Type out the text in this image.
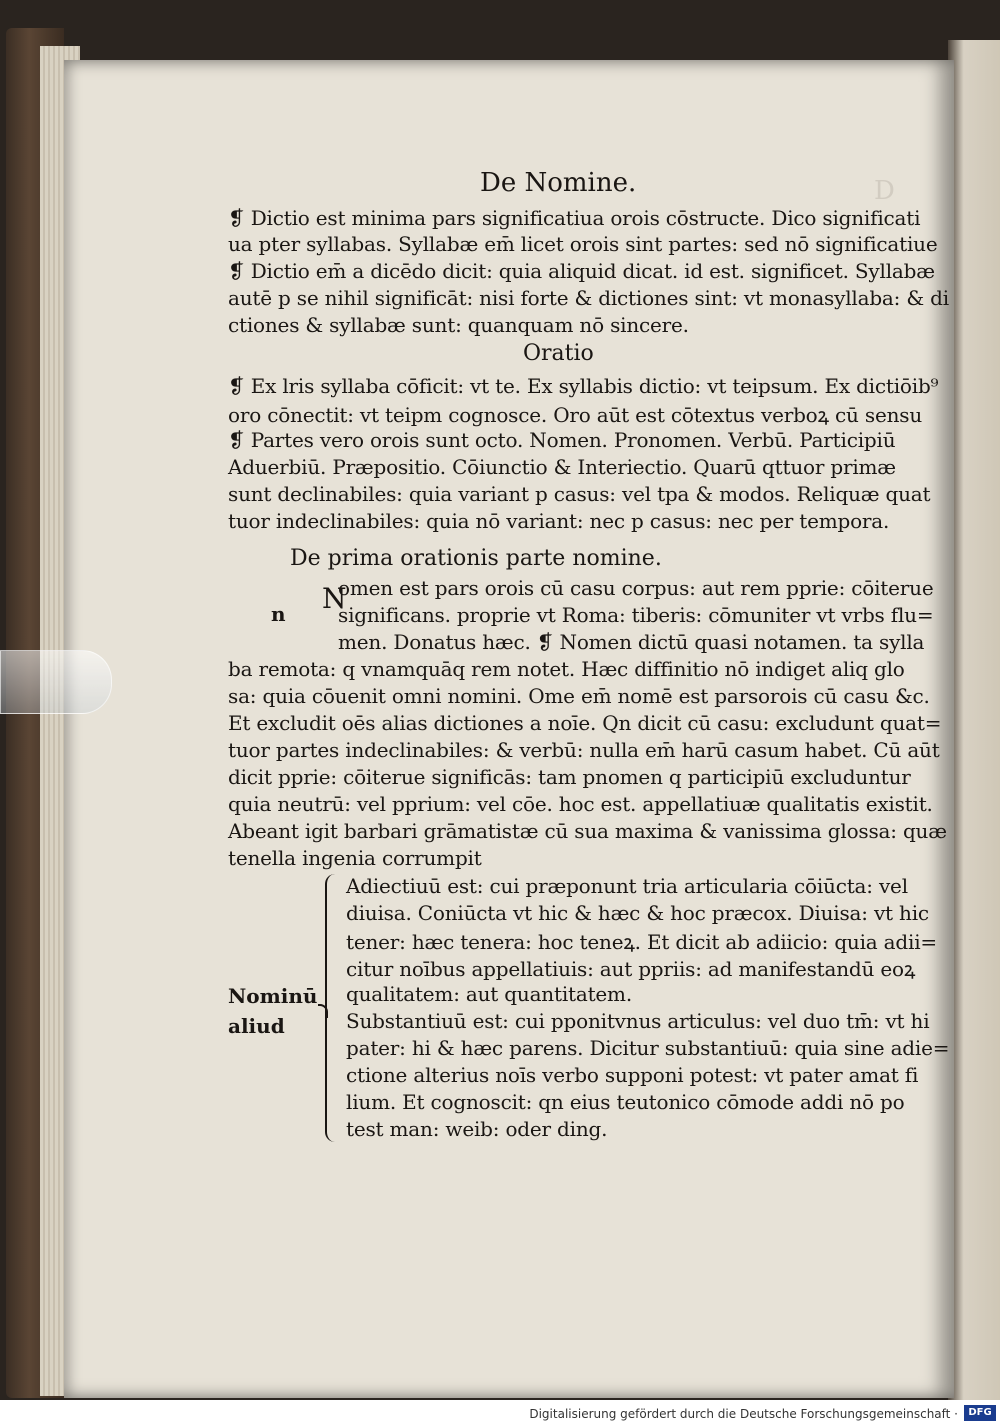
D
De Nomine.
❡ Dictio est minima pars significatiua orois cōstructe. Dico significati
ua pter syllabas. Syllabæ em̄ licet orois sint partes: sed nō significatiue
❡ Dictio em̄ a dicēdo dicit: quia aliquid dicat. id est. significet. Syllabæ
autē p se nihil significāt: nisi forte & dictiones sint: vt monasyllaba: & di
ctiones & syllabæ sunt: quanquam nō sincere.
Oratio
❡ Ex lris syllaba cōficit: vt te. Ex syllabis dictio: vt teipsum. Ex dictiōib⁹
oro cōnectit: vt teipm cognosce. Oro aūt est cōtextus verboꝝ cū sensu
❡ Partes vero orois sunt octo. Nomen. Pronomen. Verbū. Participiū
Aduerbiū. Præpositio. Cōiunctio & Interiectio. Quarū qttuor primæ
sunt declinabiles: quia variant p casus: vel tpa & modos. Reliquæ quat
tuor indeclinabiles: quia nō variant: nec p casus: nec per tempora.
De prima orationis parte nomine.
n N
omen est pars orois cū casu corpus: aut rem pprie: cōiterue
significans. proprie vt Roma: tiberis: cōmuniter vt vrbs flu=
men. Donatus hæc. ❡ Nomen dictū quasi notamen. ta sylla
ba remota: q vnamquāq rem notet. Hæc diffinitio nō indiget aliq glo
sa: quia cōuenit omni nomini. Ome em̄ nomē est parsorois cū casu &c.
Et excludit oēs alias dictiones a noīe. Qn dicit cū casu: excludunt quat=
tuor partes indeclinabiles: & verbū: nulla em̄ harū casum habet. Cū aūt
dicit pprie: cōiterue significās: tam pnomen q participiū excluduntur
quia neutrū: vel pprium: vel cōe. hoc est. appellatiuæ qualitatis existit.
Abeant igit barbari grāmatistæ cū sua maxima & vanissima glossa: quæ
tenella ingenia corrumpit
Nominū
aliud
Adiectiuū est: cui præponunt tria articularia cōiūcta: vel
diuisa. Coniūcta vt hic & hæc & hoc præcox. Diuisa: vt hic
tener: hæc tenera: hoc teneꝝ. Et dicit ab adiicio: quia adii=
citur noībus appellatiuis: aut ppriis: ad manifestandū eoꝝ
qualitatem: aut quantitatem.
Substantiuū est: cui pponitvnus articulus: vel duo tm̄: vt hi
pater: hi & hæc parens. Dicitur substantiuū: quia sine adie=
ctione alterius noīs verbo supponi potest: vt pater amat fi
lium. Et cognoscit: qn eius teutonico cōmode addi nō po
test man: weib: oder ding.
Digitalisierung gefördert durch die Deutsche Forschungsgemeinschaft ·	DFG
